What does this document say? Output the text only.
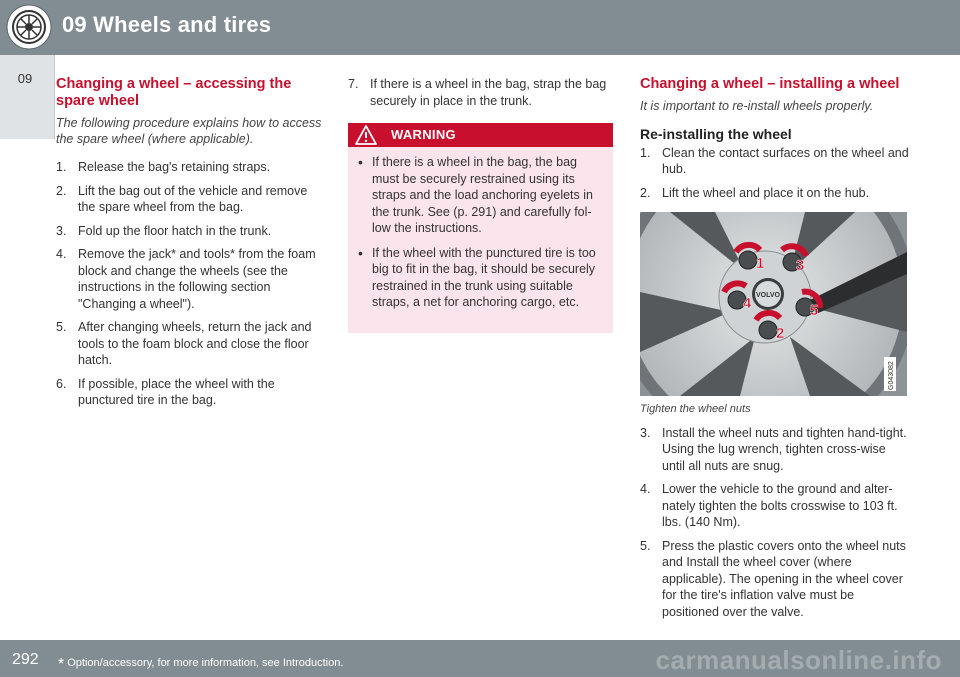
09 Wheels and tires
09	Changing a wheel – accessing the spare wheel
The following procedure explains how to access the spare wheel (where applicable).
1. Release the bag's retaining straps.
2. Lift the bag out of the vehicle and remove the spare wheel from the bag.
3. Fold up the floor hatch in the trunk.
4. Remove the jack* and tools* from the foam block and change the wheels (see the instructions in the following section "Changing a wheel").
5. After changing wheels, return the jack and tools to the foam block and close the floor hatch.
6. If possible, place the wheel with the punctured tire in the bag.
7. If there is a wheel in the bag, strap the bag securely in place in the trunk.
WARNING
• If there is a wheel in the bag, the bag must be securely restrained using its straps and the load anchoring eyelets in the trunk. See (p. 291) and carefully fol-low the instructions.
• If the wheel with the punctured tire is too big to fit in the bag, it should be securely restrained in the trunk using suitable straps, a net for anchoring cargo, etc.
Changing a wheel – installing a wheel
It is important to re-install wheels properly.
Re-installing the wheel
1. Clean the contact surfaces on the wheel and hub.
2. Lift the wheel and place it on the hub.
VOLVO
1 3
4	5
2
G043082
Tighten the wheel nuts
3. Install the wheel nuts and tighten hand-tight. Using the lug wrench, tighten cross-wise until all nuts are snug.
4. Lower the vehicle to the ground and alter-nately tighten the bolts crosswise to 103 ft. lbs. (140 Nm).
5. Press the plastic covers onto the wheel nuts and Install the wheel cover (where applicable). The opening in the wheel cover for the tire's inflation valve must be positioned over the valve.
292 * Option/accessory, for more information, see Introduction.	carmanualsonline.info
